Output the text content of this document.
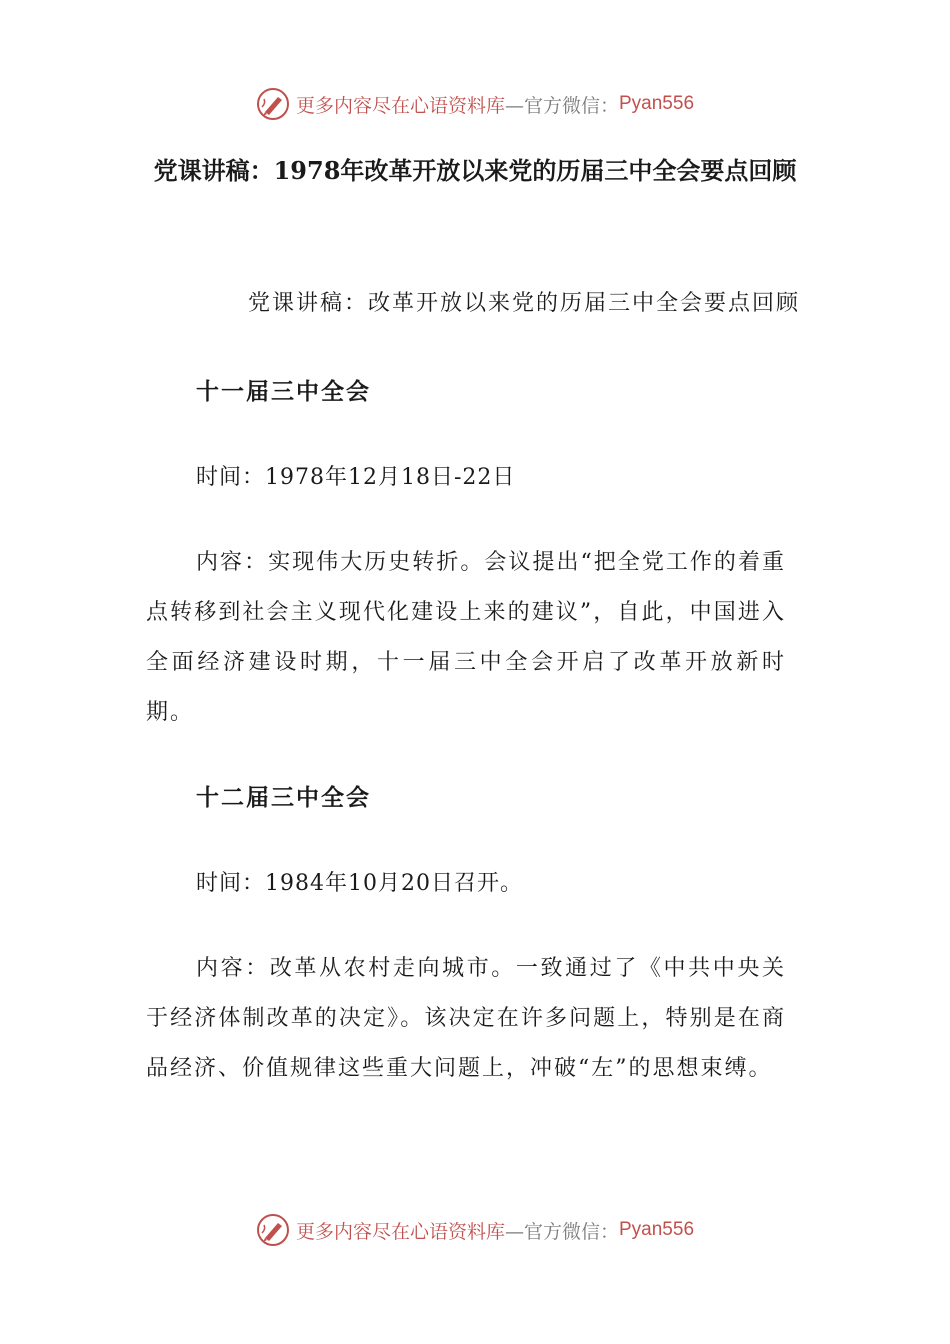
更多内容尽在心语资料库 —官方微信： Pyan556
党课讲稿：1978年改革开放以来党的历届三中全会要点回顾

党课讲稿：改革开放以来党的历届三中全会要点回顾

十一届三中全会

时间：1978年12月18日-22日

内容：实现伟大历史转折。会议提出“把全党工作的着重点转移到社会主义现代化建设上来的建议”，自此，中国进入全面经济建设时期，十一届三中全会开启了改革开放新时期。

十二届三中全会

时间：1984年10月20日召开。

内容：改革从农村走向城市。一致通过了《中共中央关于经济体制改革的决定》。该决定在许多问题上，特别是在商品经济、价值规律这些重大问题上，冲破“左”的思想束缚。

更多内容尽在心语资料库 —官方微信： Pyan556
